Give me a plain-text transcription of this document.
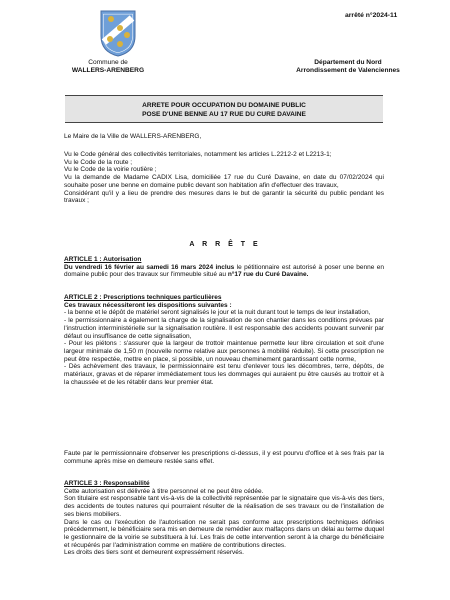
arrêté n°2024-11
Commune de
WALLERS-ARENBERG
Département du Nord
Arrondissement de Valenciennes
ARRETE POUR OCCUPATION DU DOMAINE PUBLIC
POSE D'UNE BENNE AU 17 RUE DU CURE DAVAINE
Le Maire de la Ville de WALLERS-ARENBERG,
Vu le Code général des collectivités territoriales, notamment les articles L.2212-2 et L2213-1;
Vu le Code de la route ;
Vu le Code de la voirie routière ;
Vu la demande de Madame CADIX Lisa, domiciliée 17 rue du Curé Davaine, en date du 07/02/2024 qui souhaite poser une benne en domaine public devant son habitation afin d'effectuer des travaux,
Considérant qu'il y a lieu de prendre des mesures dans le but de garantir la sécurité du public pendant les travaux ;
A R R Ê T E
ARTICLE 1 : Autorisation
Du vendredi 16 février au samedi 16 mars 2024 inclus le pétitionnaire est autorisé à poser une benne en domaine public pour des travaux sur l'immeuble situé au n°17 rue du Curé Davaine.
ARTICLE 2 : Prescriptions techniques particulières
Ces travaux nécessiteront les dispositions suivantes :
- la benne et le dépôt de matériel seront signalisés le jour et la nuit durant tout le temps de leur installation,
- le permissionnaire a également la charge de la signalisation de son chantier dans les conditions prévues par l'instruction interministérielle sur la signalisation routière. Il est responsable des accidents pouvant survenir par défaut ou insuffisance de cette signalisation,
- Pour les piétons : s'assurer que la largeur de trottoir maintenue permette leur libre circulation et soit d'une largeur minimale de 1,50 m (nouvelle norme relative aux personnes à mobilité réduite). Si cette prescription ne peut être respectée, mettre en place, si possible, un nouveau cheminement garantissant cette norme,
- Dès achèvement des travaux, le permissionnaire est tenu d'enlever tous les décombres, terre, dépôts, de matériaux, gravas et de réparer immédiatement tous les dommages qui auraient pu être causés au trottoir et à la chaussée et de les rétablir dans leur premier état.
Faute par le permissionnaire d'observer les prescriptions ci-dessus, il y est pourvu d'office et à ses frais par la commune après mise en demeure restée sans effet.
ARTICLE 3 : Responsabilité
Cette autorisation est délivrée à titre personnel et ne peut être cédée.
Son titulaire est responsable tant vis-à-vis de la collectivité représentée par le signataire que vis-à-vis des tiers, des accidents de toutes natures qui pourraient résulter de la réalisation de ses travaux ou de l'installation de ses biens mobiliers.
Dans le cas ou l'exécution de l'autorisation ne serait pas conforme aux prescriptions techniques définies précédemment, le bénéficiaire sera mis en demeure de remédier aux malfaçons dans un délai au terme duquel le gestionnaire de la voirie se substituera à lui. Les frais de cette intervention seront à la charge du bénéficiaire et récupérés par l'administration comme en matière de contributions directes.
Les droits des tiers sont et demeurent expressément réservés.
